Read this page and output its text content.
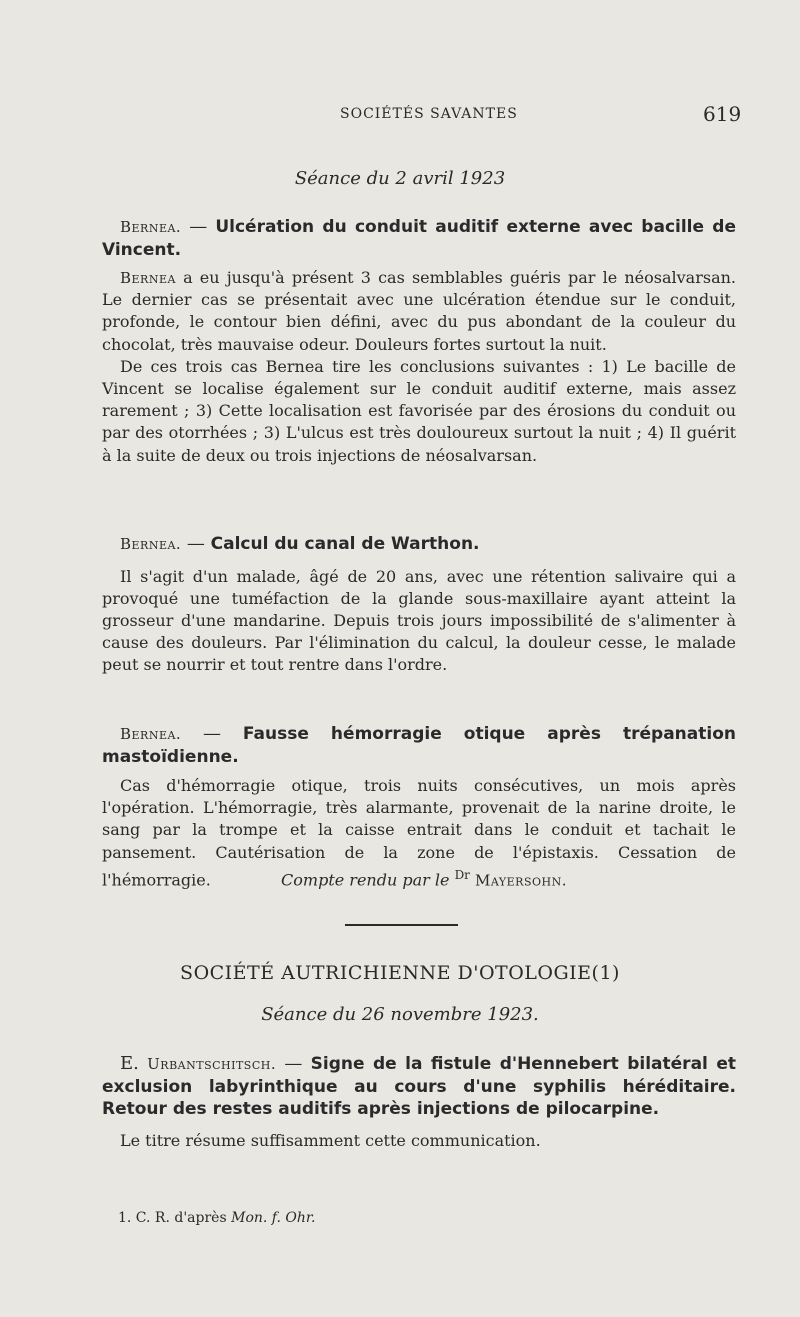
SOCIÉTÉS SAVANTES	619
Séance du 2 avril 1923

Bernea. — Ulcération du conduit auditif externe avec bacille de Vincent.

Bernea a eu jusqu'à présent 3 cas semblables guéris par le néosalvarsan. Le dernier cas se présentait avec une ulcération étendue sur le conduit, profonde, le contour bien défini, avec du pus abondant de la couleur du chocolat, très mauvaise odeur. Douleurs fortes surtout la nuit.

De ces trois cas Bernea tire les conclusions suivantes : 1) Le bacille de Vincent se localise également sur le conduit auditif externe, mais assez rarement ; 3) Cette localisation est favorisée par des érosions du conduit ou par des otorrhées ; 3) L'ulcus est très douloureux surtout la nuit ; 4) Il guérit à la suite de deux ou trois injections de néosalvarsan.

Bernea. — Calcul du canal de Warthon.

Il s'agit d'un malade, âgé de 20 ans, avec une rétention salivaire qui a provoqué une tuméfaction de la glande sous-maxillaire ayant atteint la grosseur d'une mandarine. Depuis trois jours impossibilité de s'alimenter à cause des douleurs. Par l'élimination du calcul, la douleur cesse, le malade peut se nourrir et tout rentre dans l'ordre.

Bernea. — Fausse hémorragie otique après trépanation mastoïdienne.

Cas d'hémorragie otique, trois nuits consécutives, un mois après l'opération. L'hémorragie, très alarmante, provenait de la narine droite, le sang par la trompe et la caisse entrait dans le conduit et tachait le pansement. Cautérisation de la zone de l'épistaxis. Cessation de l'hémorragie.	Compte rendu par le $^{Dr}$ Mayersohn.

SOCIÉTÉ AUTRICHIENNE D'OTOLOGIE(1)
Séance du 26 novembre 1923.

E. Urbantschitsch. — Signe de la fistule d'Hennebert bilatéral et exclusion labyrinthique au cours d'une syphilis héréditaire. Retour des restes auditifs après injections de pilocarpine.

Le titre résume suffisamment cette communication.

1. C. R. d'après Mon. f. Ohr.
